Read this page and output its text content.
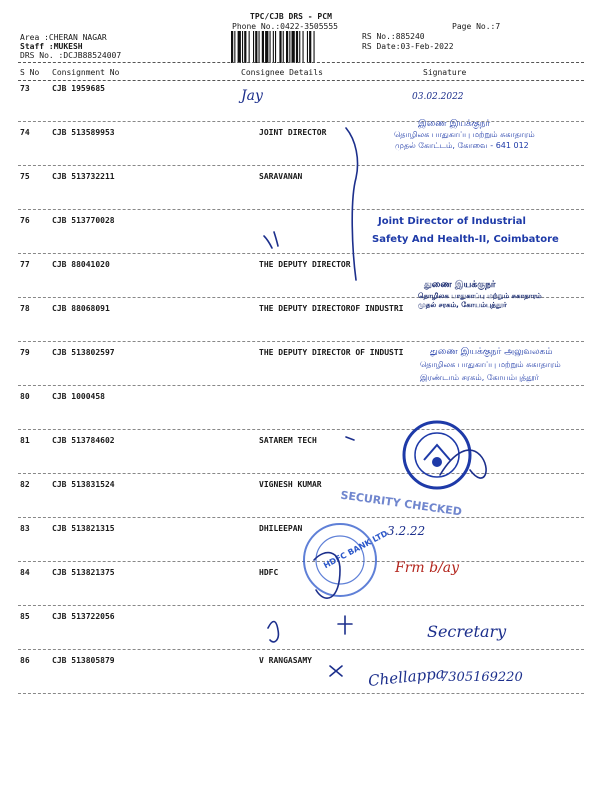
TPC/CJB DRS - PCM
Phone No.:0422-3505555	Page No.:7
Area :CHERAN NAGAR
Staff :MUKESH
DRS No. :DCJB88524007
RS No.:885240
RS Date:03-Feb-2022
S No Consignment No	Consignee Details	Signature
73	CJB 1959685
74	CJB 513589953	JOINT DIRECTOR
75	CJB 513732211	SARAVANAN
76	CJB 513770028
77	CJB 88041020	THE DEPUTY DIRECTOR
78	CJB 88068091	THE DEPUTY DIRECTOROF INDUSTRI
79	CJB 513802597	THE DEPUTY DIRECTOR OF INDUSTI
80	CJB 1000458
81	CJB 513784602	SATAREM TECH
82	CJB 513831524	VIGNESH KUMAR
83	CJB 513821315	DHILEEPAN
84	CJB 513821375	HDFC
85	CJB 513722056
86	CJB 513805879	V RANGASAMY
இணை இயக்குநர்
தொழிலக பாதுகாப்பு மற்றும் சுகாதாரம்
முதல் கோட்டம், கோவை - 641 012
Joint Director of Industrial
Safety And Health-II, Coimbatore
துணை இயக்குநர்
தொழிலக பாதுகாப்பு மற்றும் சுகாதாரம்
முதல் சரகம், கோயம்புத்தூர்
துணை இயக்குநர் அலுவலகம்
தொழிலக பாதுகாப்பு மற்றும் சுகாதாரம்
இரண்டாம் சரகம், கோயம்புத்தூர்
HDFC BANK LTD
SECURITY CHECKED
Jay	03.02.2022
Frm b/ay
3.2.22
Secretary
Chellappa
7305169220
